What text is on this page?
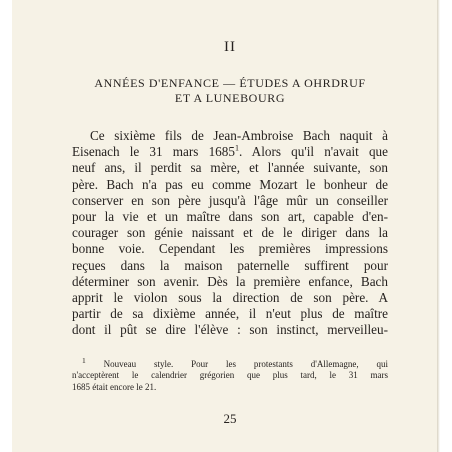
II
ANNÉES D'ENFANCE — ÉTUDES A OHRDRUF
ET A LUNEBOURG
Ce sixième fils de Jean-Ambroise Bach naquit à
Eisenach le 31 mars 1685$^1$. Alors qu'il n'avait que
neuf ans, il perdit sa mère, et l'année suivante, son
père. Bach n'a pas eu comme Mozart le bonheur de
conserver en son père jusqu'à l'âge mûr un conseiller
pour la vie et un maître dans son art, capable d'en-
courager son génie naissant et de le diriger dans la
bonne voie. Cependant les premières impressions
reçues dans la maison paternelle suffirent pour
déterminer son avenir. Dès la première enfance, Bach
apprit le violon sous la direction de son père. A
partir de sa dixième année, il n'eut plus de maître
dont il pût se dire l'élève : son instinct, merveilleu-
$^1$ Nouveau style. Pour les protestants d'Allemagne, qui
n'acceptèrent le calendrier grégorien que plus tard, le 31 mars
1685 était encore le 21.
25
